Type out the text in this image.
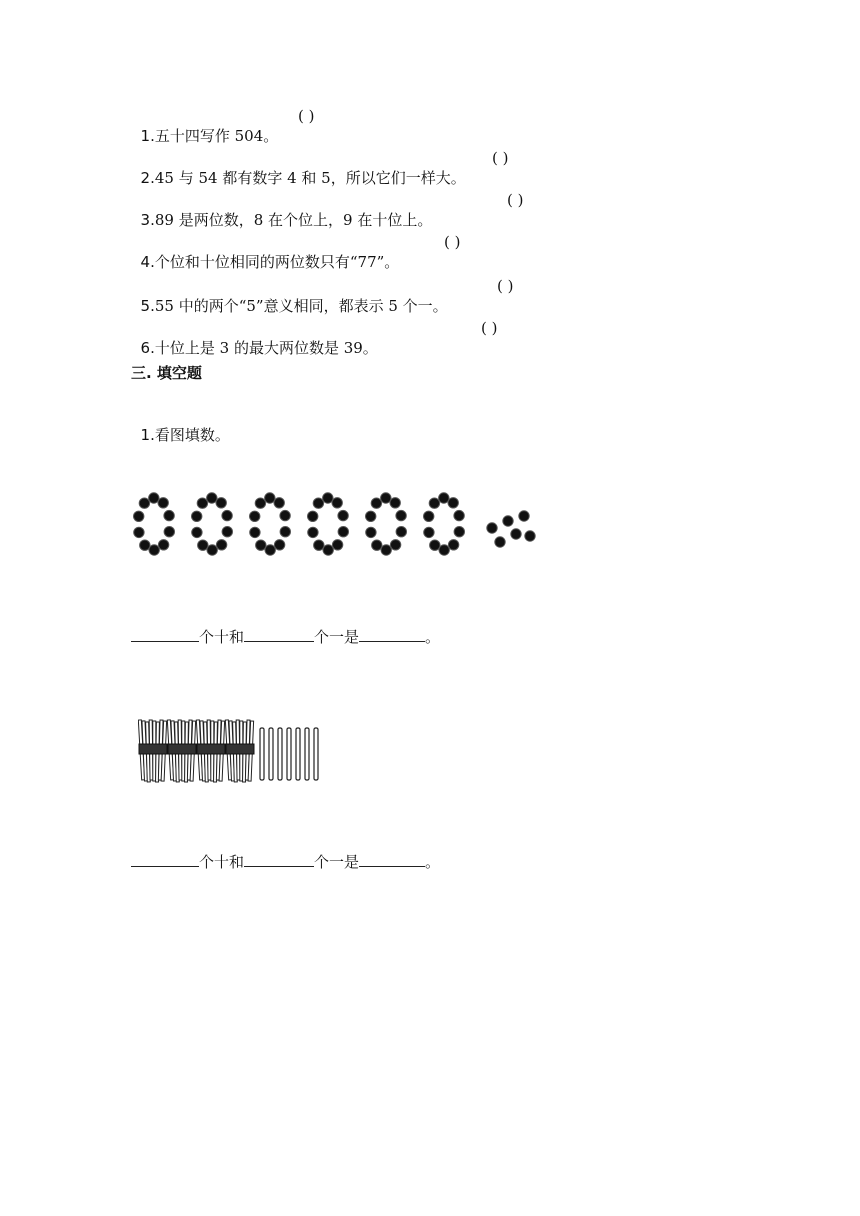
1.五十四写作 504。

( )

2.45 与 54 都有数字 4 和 5，所以它们一样大。

( )

3.89 是两位数，8 在个位上，9 在十位上。

( )

4.个位和十位相同的两位数只有“77”。

( )

5.55 中的两个“5”意义相同，都表示 5 个一。

( )

6.十位上是 3 的最大两位数是 39。

( )
三. 填空题

1.看图填数。

个十和	个一是	。
个十和	个一是	。
